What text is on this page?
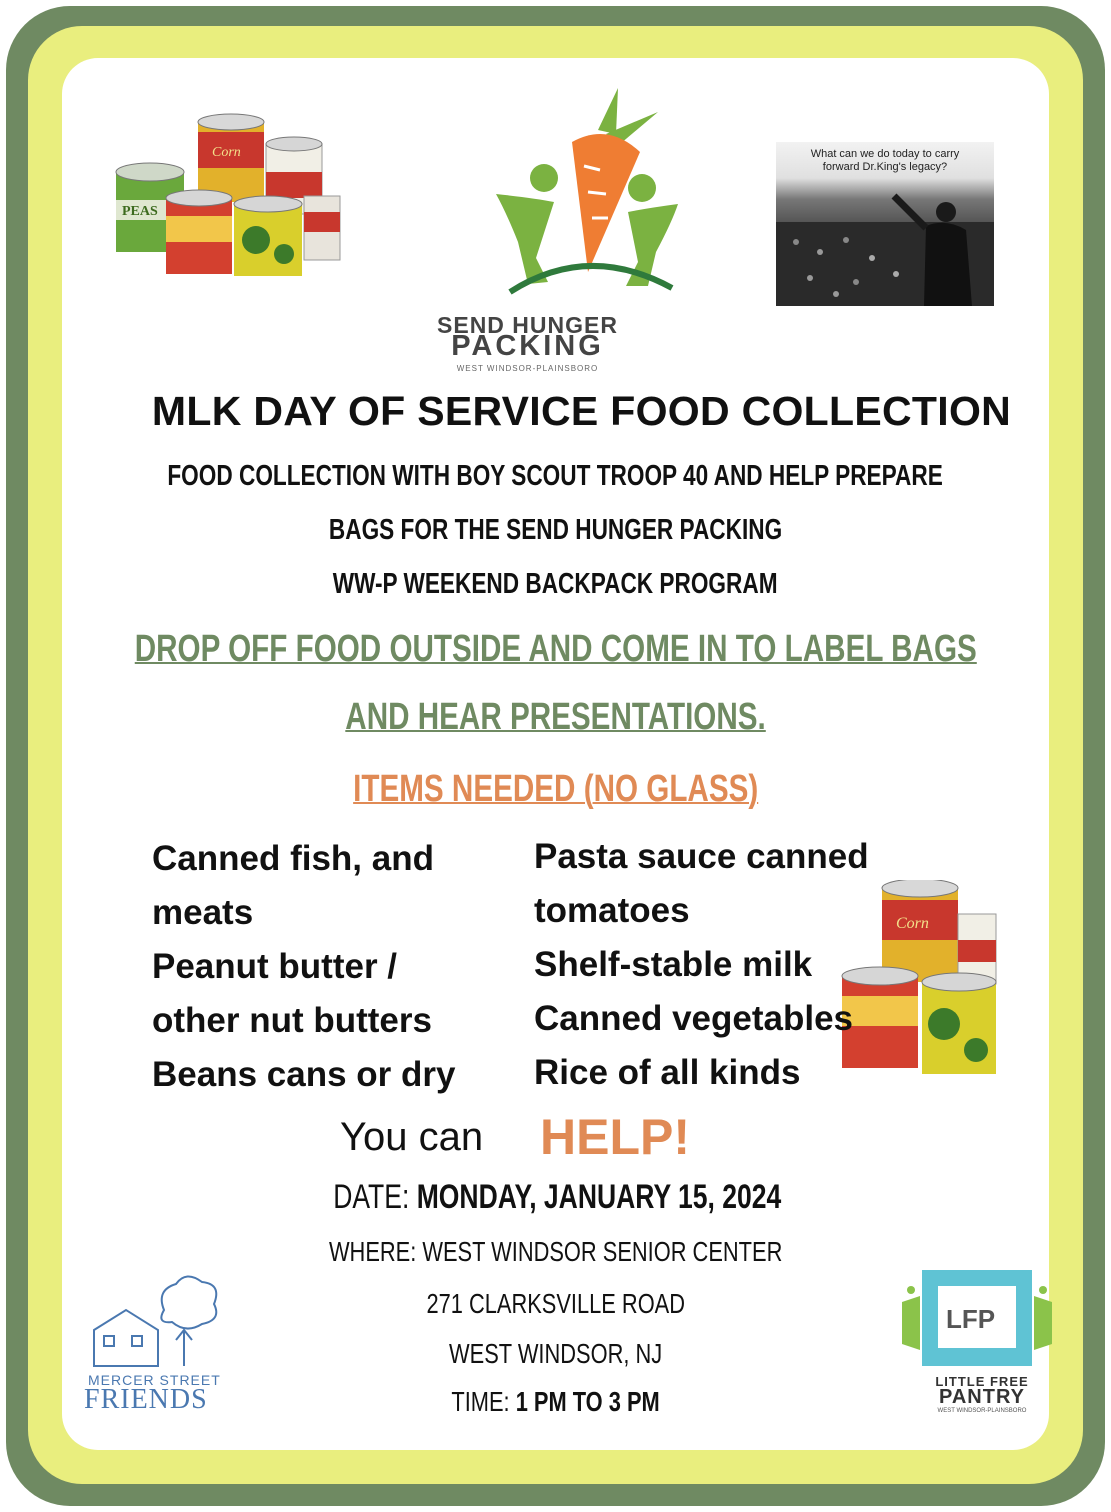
PEAS
Corn
SEND HUNGER
PACKING
WEST WINDSOR-PLAINSBORO
What can we do today to carry
forward Dr.King's legacy?
MLK DAY OF SERVICE FOOD COLLECTION
FOOD COLLECTION WITH BOY SCOUT TROOP 40 AND HELP PREPARE
BAGS FOR THE SEND HUNGER PACKING
WW-P WEEKEND BACKPACK PROGRAM
DROP OFF FOOD OUTSIDE AND COME IN TO LABEL BAGS
AND HEAR PRESENTATIONS.
ITEMS NEEDED (NO GLASS)
Canned fish, and
meats
Peanut butter /
other nut butters
Beans cans or dry
Corn
Pasta sauce canned
tomatoes
Shelf-stable milk
Canned vegetables
Rice of all kinds
You can HELP!
DATE: MONDAY, JANUARY 15, 2024
WHERE: WEST WINDSOR SENIOR CENTER
271 CLARKSVILLE ROAD
WEST WINDSOR, NJ
TIME: 1 PM TO 3 PM
MERCER STREET
FRIENDS
LFP
LITTLE FREE
PANTRY
WEST WINDSOR-PLAINSBORO
